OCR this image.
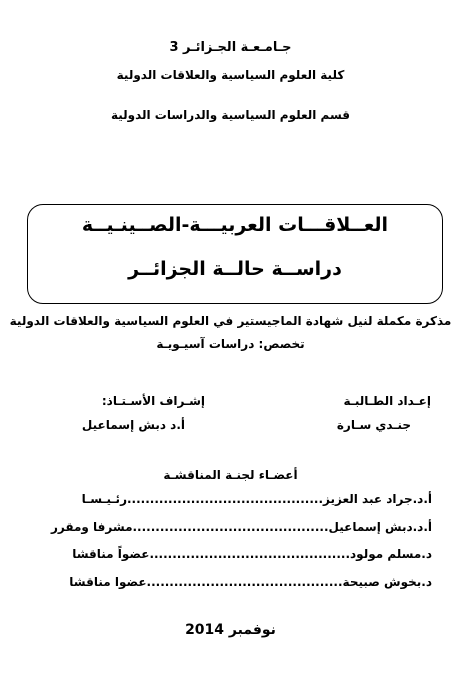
جـامـعـة الجـزائـر 3
كلية العلوم السياسية والعلاقات الدولية
قسم العلوم السياسية والدراسات الدولية
العــلاقـــات العربيـــة-الصــينـيــة
دراســة حالــة الجزائــر
مذكرة مكملة لنيل شهادة الماجيستير في العلوم السياسية والعلاقات الدولية
تخصص: دراسات آسيـويـة
إعـداد الطـالبـة
جنـدي سـارة
إشـراف الأسـتـاذ:
أ.د دبش إسماعيل
أعضـاء لجنـة المناقشـة
أ.د.جراد عبد العزيز...........................................رئـيـسـا
أ.د.دبش إسماعيل...........................................مشرفا ومقرر
د.مسلم مولود............................................عضواً مناقشا
د.بخوش صبيحة...........................................عضوا مناقشا
نوفمبر 2014
